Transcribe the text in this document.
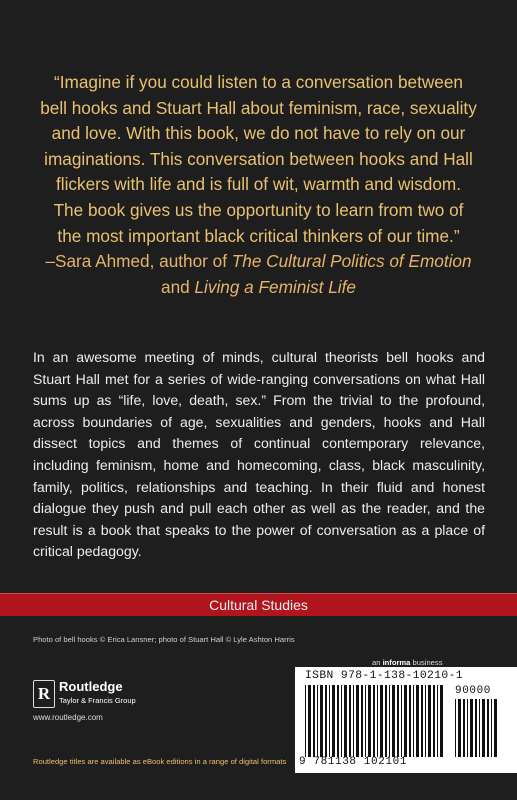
“Imagine if you could listen to a conversation between bell hooks and Stuart Hall about feminism, race, sexuality and love. With this book, we do not have to rely on our imaginations. This conversation between hooks and Hall flickers with life and is full of wit, warmth and wisdom. The book gives us the opportunity to learn from two of the most important black critical thinkers of our time.”
–Sara Ahmed, author of The Cultural Politics of Emotion and Living a Feminist Life
In an awesome meeting of minds, cultural theorists bell hooks and Stuart Hall met for a series of wide-ranging conversations on what Hall sums up as “life, love, death, sex.” From the trivial to the profound, across boundaries of age, sexualities and genders, hooks and Hall dissect topics and themes of continual contemporary relevance, including feminism, home and homecoming, class, black masculinity, family, politics, relationships and teaching. In their fluid and honest dialogue they push and pull each other as well as the reader, and the result is a book that speaks to the power of conversation as a place of critical pedagogy.
Cultural Studies
Photo of bell hooks © Erica Lansner; photo of Stuart Hall © Lyle Ashton Harris
an informa business
R Routledge
Taylor & Francis Group
www.routledge.com
Routledge titles are available as eBook editions in a range of digital formats
ISBN 978-1-138-10210-1
90000
9 781138 102101
